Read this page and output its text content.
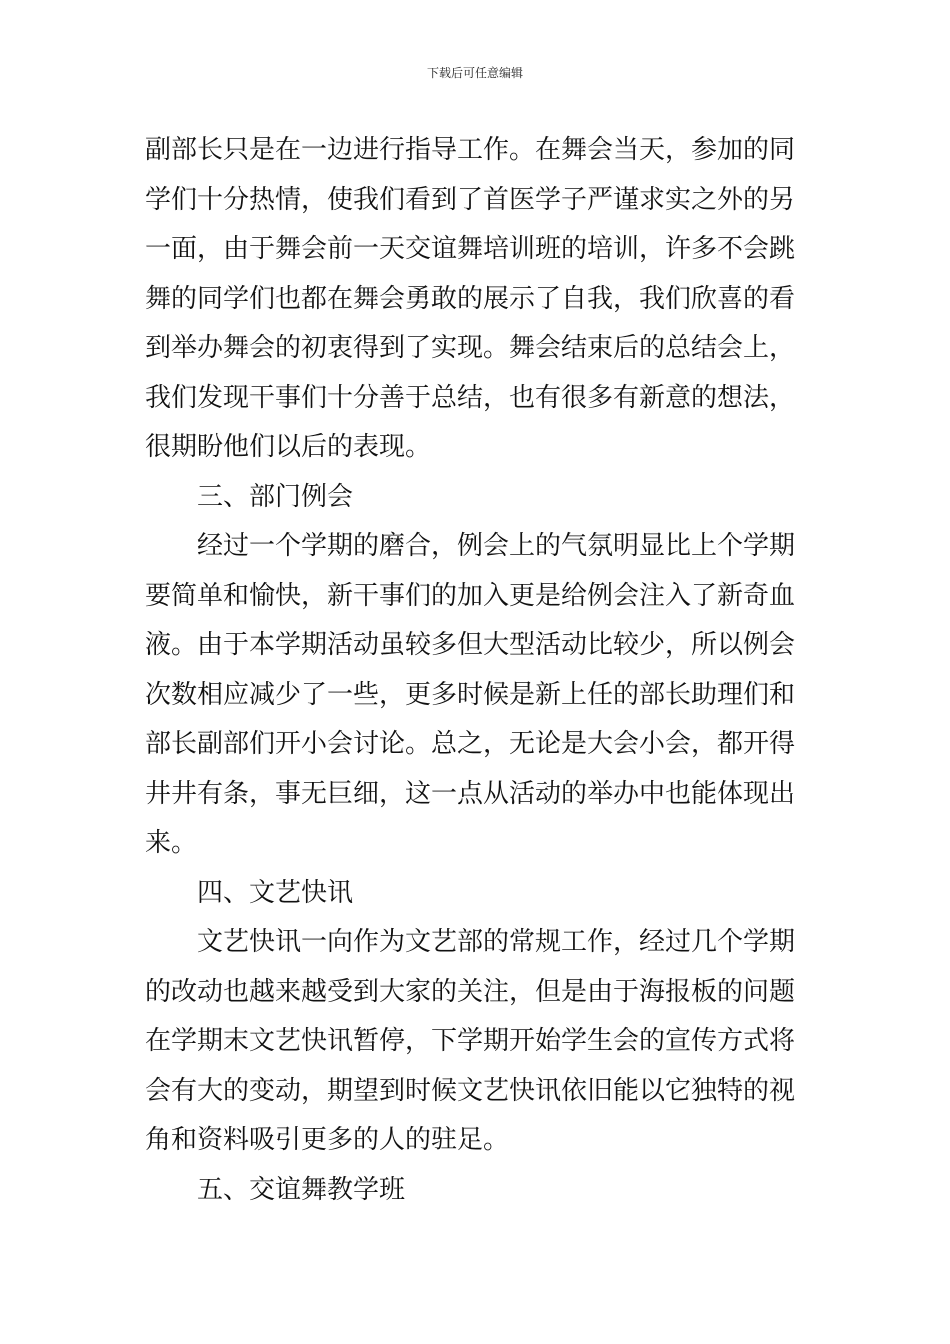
下载后可任意编辑
副部长只是在一边进行指导工作。在舞会当天，参加的同
学们十分热情，使我们看到了首医学子严谨求实之外的另
一面，由于舞会前一天交谊舞培训班的培训，许多不会跳
舞的同学们也都在舞会勇敢的展示了自我，我们欣喜的看
到举办舞会的初衷得到了实现。舞会结束后的总结会上，
我们发现干事们十分善于总结，也有很多有新意的想法，
很期盼他们以后的表现。
三、部门例会
经过一个学期的磨合，例会上的气氛明显比上个学期
要简单和愉快，新干事们的加入更是给例会注入了新奇血
液。由于本学期活动虽较多但大型活动比较少，所以例会
次数相应减少了一些，更多时候是新上任的部长助理们和
部长副部们开小会讨论。总之，无论是大会小会，都开得
井井有条，事无巨细，这一点从活动的举办中也能体现出
来。
四、文艺快讯
文艺快讯一向作为文艺部的常规工作，经过几个学期
的改动也越来越受到大家的关注，但是由于海报板的问题
在学期末文艺快讯暂停，下学期开始学生会的宣传方式将
会有大的变动，期望到时候文艺快讯依旧能以它独特的视
角和资料吸引更多的人的驻足。
五、交谊舞教学班
